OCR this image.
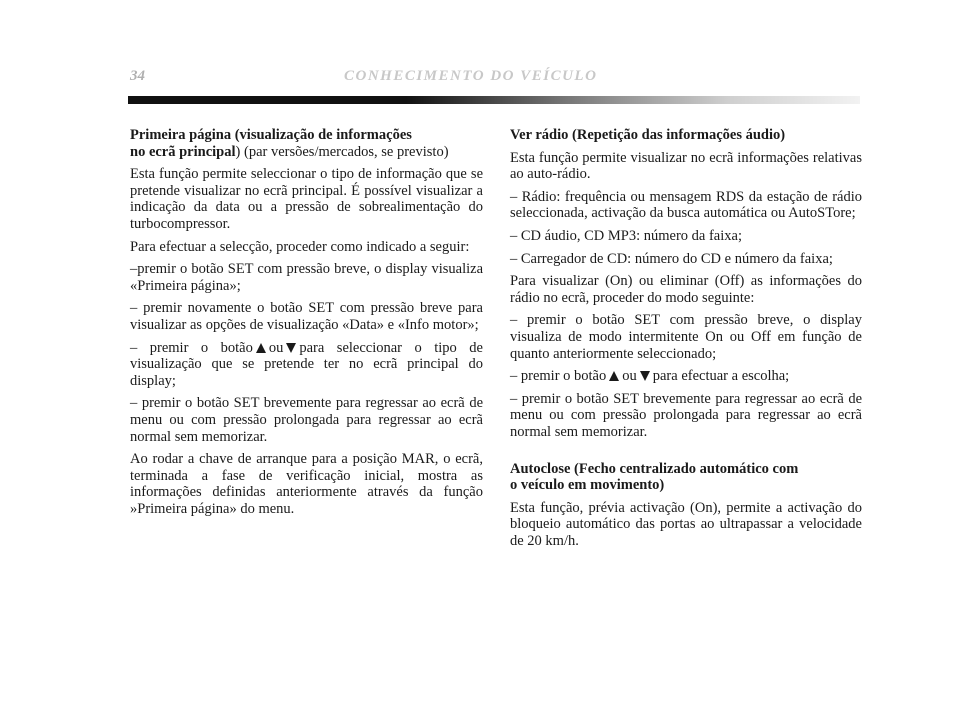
34	CONHECIMENTO DO VEÍCULO
Primeira página (visualização de informações
no ecrã principal) (par versões/mercados, se previsto)

Esta função permite seleccionar o tipo de informação que se pretende visualizar no ecrã principal. É possível visualizar a indicação da data ou a pressão de sobrealimentação do turbocompressor.

Para efectuar a selecção, proceder como indicado a seguir:

–premir o botão SET com pressão breve, o display visualiza «Primeira página»;

– premir novamente o botão SET com pressão breve para visualizar as opções de visualização «Data» e «Info motor»;

– premir o botão ou para seleccionar o tipo de visualização que se pretende ter no ecrã principal do display;

– premir o botão SET brevemente para regressar ao ecrã de menu ou com pressão prolongada para regressar ao ecrã normal sem memorizar.

Ao rodar a chave de arranque para a posição MAR, o ecrã, terminada a fase de verificação inicial, mostra as informações definidas anteriormente através da função »Primeira página» do menu.

Ver rádio (Repetição das informações áudio)

Esta função permite visualizar no ecrã informações relativas ao auto-rádio.

– Rádio: frequência ou mensagem RDS da estação de rádio seleccionada, activação da busca automática ou AutoSTore;

– CD áudio, CD MP3: número da faixa;

– Carregador de CD: número do CD e número da faixa;

Para visualizar (On) ou eliminar (Off) as informações do rádio no ecrã, proceder do modo seguinte:

– premir o botão SET com pressão breve, o display visualiza de modo intermitente On ou Off em função de quanto anteriormente seleccionado;

– premir o botão ou para efectuar a escolha;

– premir o botão SET brevemente para regressar ao ecrã de menu ou com pressão prolongada para regressar ao ecrã normal sem memorizar.

Autoclose (Fecho centralizado automático com
o veículo em movimento)

Esta função, prévia activação (On), permite a activação do bloqueio automático das portas ao ultrapassar a velocidade de 20 km/h.
